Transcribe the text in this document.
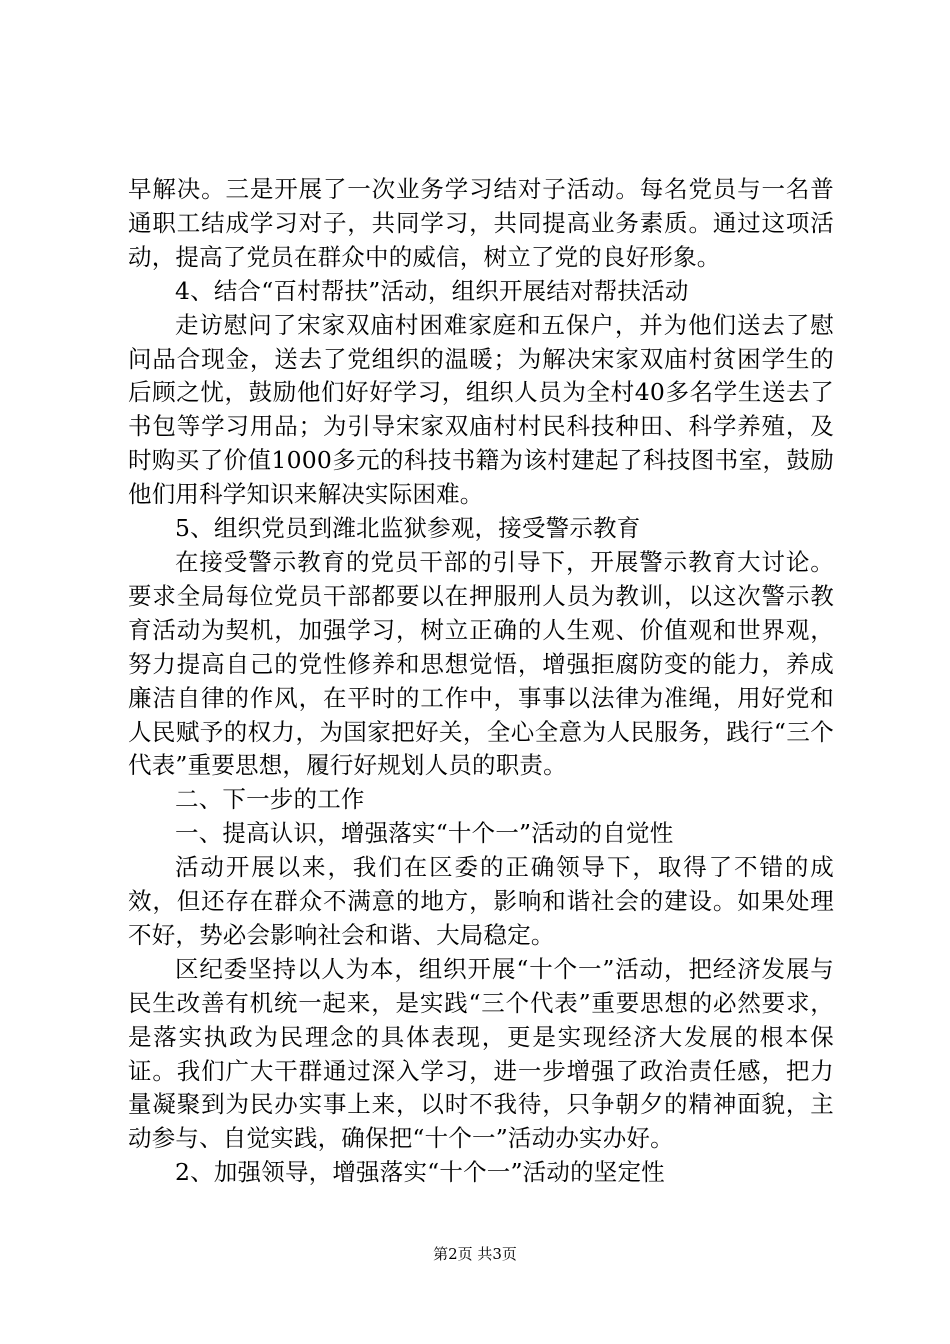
早解决。三是开展了一次业务学习结对子活动。每名党员与一名普通职工结成学习对子，共同学习，共同提高业务素质。通过这项活动，提高了党员在群众中的威信，树立了党的良好形象。

4、结合“百村帮扶”活动，组织开展结对帮扶活动

走访慰问了宋家双庙村困难家庭和五保户，并为他们送去了慰问品合现金，送去了党组织的温暖；为解决宋家双庙村贫困学生的后顾之忧，鼓励他们好好学习，组织人员为全村40多名学生送去了书包等学习用品；为引导宋家双庙村村民科技种田、科学养殖，及时购买了价值1000多元的科技书籍为该村建起了科技图书室，鼓励他们用科学知识来解决实际困难。

5、组织党员到潍北监狱参观，接受警示教育

在接受警示教育的党员干部的引导下，开展警示教育大讨论。要求全局每位党员干部都要以在押服刑人员为教训，以这次警示教育活动为契机，加强学习，树立正确的人生观、价值观和世界观，努力提高自己的党性修养和思想觉悟，增强拒腐防变的能力，养成廉洁自律的作风，在平时的工作中，事事以法律为准绳，用好党和人民赋予的权力，为国家把好关，全心全意为人民服务，践行“三个代表”重要思想，履行好规划人员的职责。

二、下一步的工作

一、提高认识，增强落实“十个一”活动的自觉性

活动开展以来，我们在区委的正确领导下，取得了不错的成效，但还存在群众不满意的地方，影响和谐社会的建设。如果处理不好，势必会影响社会和谐、大局稳定。

区纪委坚持以人为本，组织开展“十个一”活动，把经济发展与民生改善有机统一起来，是实践“三个代表”重要思想的必然要求，是落实执政为民理念的具体表现，更是实现经济大发展的根本保证。我们广大干群通过深入学习，进一步增强了政治责任感，把力量凝聚到为民办实事上来，以时不我待，只争朝夕的精神面貌，主动参与、自觉实践，确保把“十个一”活动办实办好。

2、加强领导，增强落实“十个一”活动的坚定性

第2页 共3页
